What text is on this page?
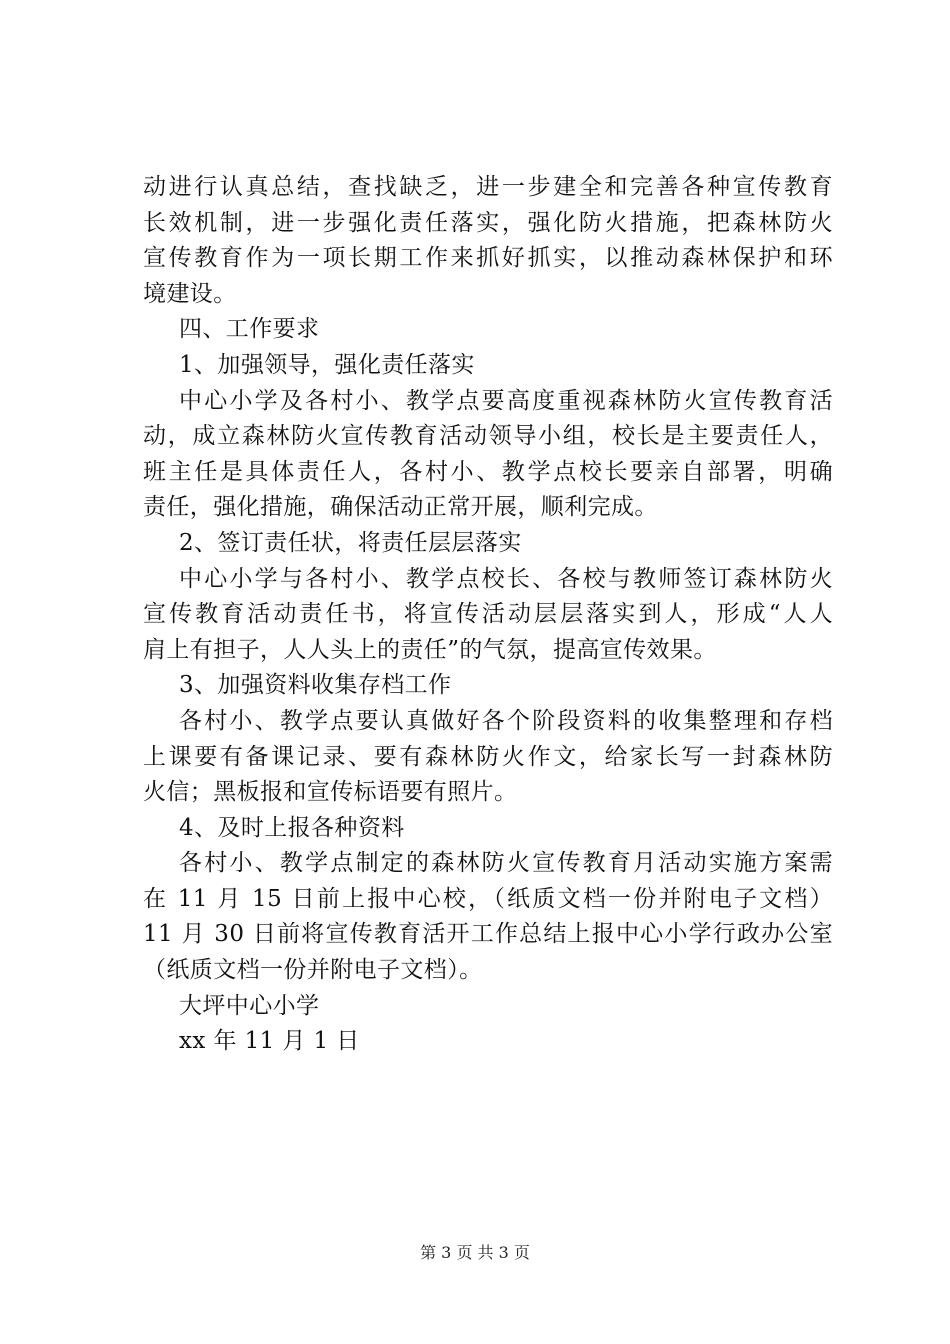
动进行认真总结，查找缺乏，进一步建全和完善各种宣传教育
长效机制，进一步强化责任落实，强化防火措施，把森林防火
宣传教育作为一项长期工作来抓好抓实，以推动森林保护和环
境建设。
四、工作要求
1、加强领导，强化责任落实
中心小学及各村小、教学点要高度重视森林防火宣传教育活
动，成立森林防火宣传教育活动领导小组，校长是主要责任人，
班主任是具体责任人，各村小、教学点校长要亲自部署，明确
责任，强化措施，确保活动正常开展，顺利完成。
2、签订责任状，将责任层层落实
中心小学与各村小、教学点校长、各校与教师签订森林防火
宣传教育活动责任书，将宣传活动层层落实到人，形成“人人
肩上有担子，人人头上的责任”的气氛，提高宣传效果。
3、加强资料收集存档工作
各村小、教学点要认真做好各个阶段资料的收集整理和存档
上课要有备课记录、要有森林防火作文，给家长写一封森林防
火信；黑板报和宣传标语要有照片。
4、及时上报各种资料
各村小、教学点制定的森林防火宣传教育月活动实施方案需
在 11 月 15 日前上报中心校，（纸质文档一份并附电子文档）
11 月 30 日前将宣传教育活开工作总结上报中心小学行政办公室
（纸质文档一份并附电子文档）。
大坪中心小学
xx 年 11 月 1 日
第 3 页 共 3 页
